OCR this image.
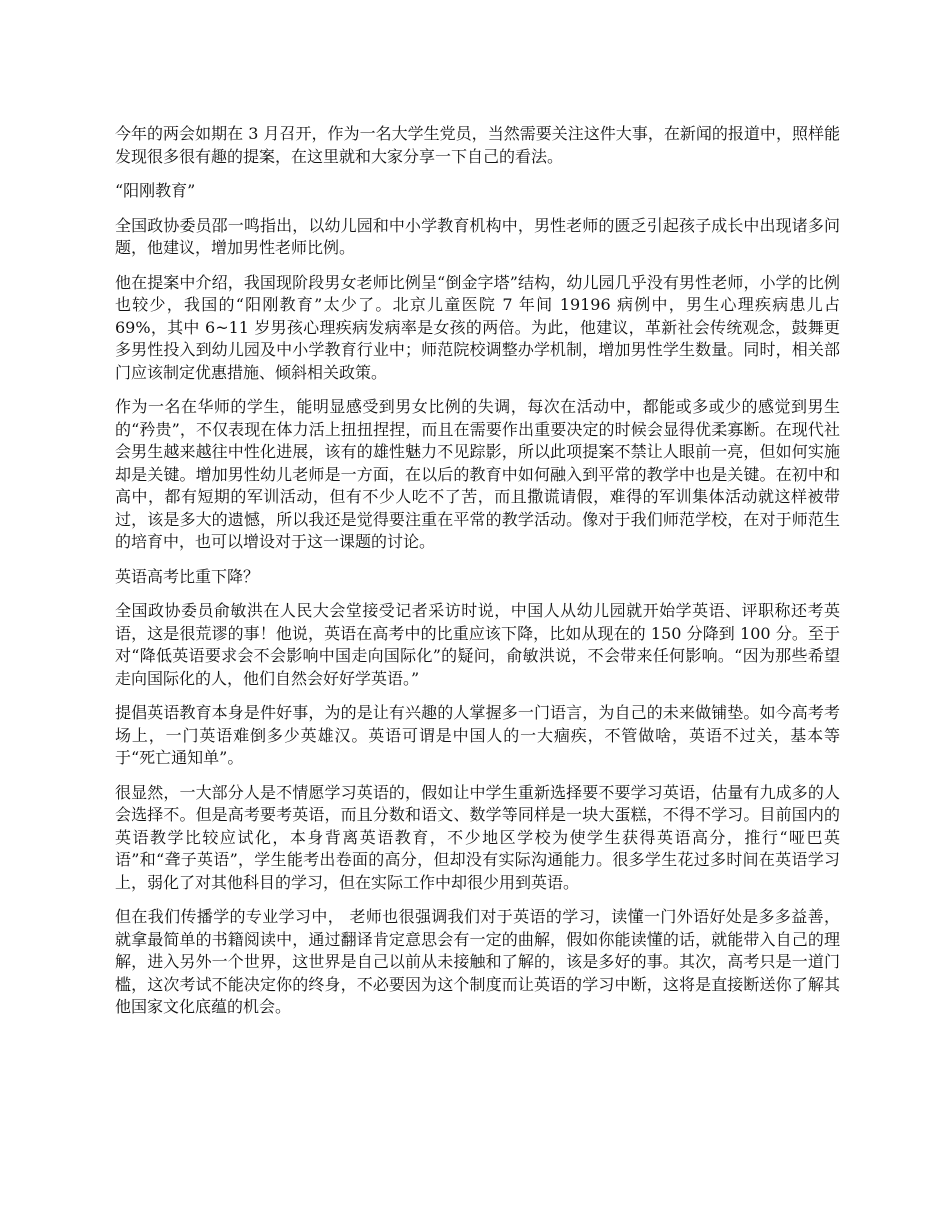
今年的两会如期在 3 月召开，作为一名大学生党员，当然需要关注这件大事，在新闻的报道中，照样能发现很多很有趣的提案，在这里就和大家分享一下自己的看法。

“阳刚教育”

全国政协委员邵一鸣指出，以幼儿园和中小学教育机构中，男性老师的匮乏引起孩子成长中出现诸多问题，他建议，增加男性老师比例。

他在提案中介绍，我国现阶段男女老师比例呈“倒金字塔”结构，幼儿园几乎没有男性老师，小学的比例也较少，我国的“阳刚教育”太少了。北京儿童医院 7 年间 19196 病例中，男生心理疾病患儿占 69%，其中 6~11 岁男孩心理疾病发病率是女孩的两倍。为此，他建议，革新社会传统观念，鼓舞更多男性投入到幼儿园及中小学教育行业中；师范院校调整办学机制，增加男性学生数量。同时，相关部门应该制定优惠措施、倾斜相关政策。

作为一名在华师的学生，能明显感受到男女比例的失调，每次在活动中，都能或多或少的感觉到男生的“矜贵”，不仅表现在体力活上扭扭捏捏，而且在需要作出重要决定的时候会显得优柔寡断。在现代社会男生越来越往中性化进展，该有的雄性魅力不见踪影，所以此项提案不禁让人眼前一亮，但如何实施却是关键。增加男性幼儿老师是一方面，在以后的教育中如何融入到平常的教学中也是关键。在初中和高中，都有短期的军训活动，但有不少人吃不了苦，而且撒谎请假，难得的军训集体活动就这样被带过，该是多大的遗憾，所以我还是觉得要注重在平常的教学活动。像对于我们师范学校，在对于师范生的培育中，也可以增设对于这一课题的讨论。

英语高考比重下降？

全国政协委员俞敏洪在人民大会堂接受记者采访时说，中国人从幼儿园就开始学英语、评职称还考英语，这是很荒谬的事！他说，英语在高考中的比重应该下降，比如从现在的 150 分降到 100 分。至于对“降低英语要求会不会影响中国走向国际化”的疑问，俞敏洪说，不会带来任何影响。“因为那些希望走向国际化的人，他们自然会好好学英语。”

提倡英语教育本身是件好事，为的是让有兴趣的人掌握多一门语言，为自己的未来做铺垫。如今高考考场上，一门英语难倒多少英雄汉。英语可谓是中国人的一大痼疾，不管做啥，英语不过关，基本等于“死亡通知单”。

很显然，一大部分人是不情愿学习英语的，假如让中学生重新选择要不要学习英语，估量有九成多的人会选择不。但是高考要考英语，而且分数和语文、数学等同样是一块大蛋糕，不得不学习。目前国内的英语教学比较应试化，本身背离英语教育，不少地区学校为使学生获得英语高分，推行“哑巴英语”和“聋子英语”，学生能考出卷面的高分，但却没有实际沟通能力。很多学生花过多时间在英语学习上，弱化了对其他科目的学习，但在实际工作中却很少用到英语。

但在我们传播学的专业学习中， 老师也很强调我们对于英语的学习，读懂一门外语好处是多多益善，就拿最简单的书籍阅读中，通过翻译肯定意思会有一定的曲解，假如你能读懂的话，就能带入自己的理解，进入另外一个世界，这世界是自己以前从未接触和了解的，该是多好的事。其次，高考只是一道门槛，这次考试不能决定你的终身，不必要因为这个制度而让英语的学习中断，这将是直接断送你了解其他国家文化底蕴的机会。
